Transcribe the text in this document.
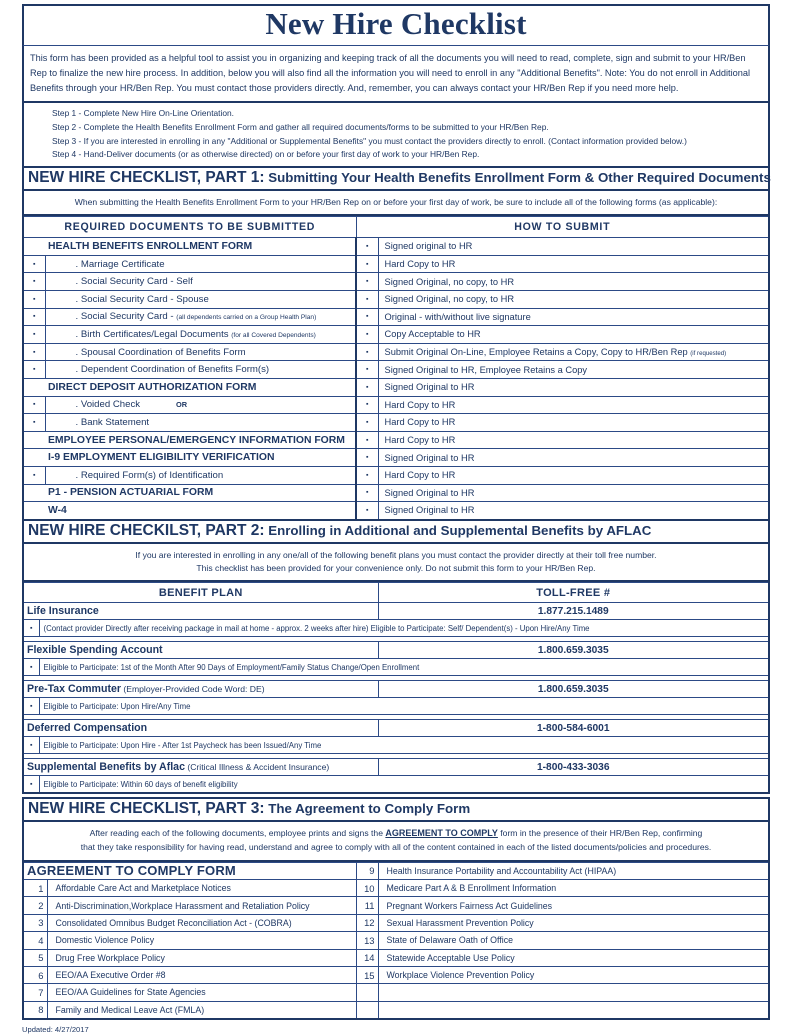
New Hire Checklist

This form has been provided as a helpful tool to assist you in organizing and keeping track of all the documents you will need to read, complete, sign and submit to your HR/Ben Rep to finalize the new hire process. In addition, below you will also find all the information you will need to enroll in any "Additional Benefits". Note: You do not enroll in Additional Benefits through your HR/Ben Rep. You must contact those providers directly. And, remember, you can always contact your HR/Ben Rep if you need more help.

Step 1 - Complete New Hire On-Line Orientation.
Step 2 - Complete the Health Benefits Enrollment Form and gather all required documents/forms to be submitted to your HR/Ben Rep.
Step 3 - If you are interested in enrolling in any "Additional or Supplemental Benefits" you must contact the providers directly to enroll. (Contact information provided below.)
Step 4 - Hand-Deliver documents (or as otherwise directed) on or before your first day of work to your HR/Ben Rep.
NEW HIRE CHECKLIST, PART 1: Submitting Your Health Benefits Enrollment Form & Other Required Documents
When submitting the Health Benefits Enrollment Form to your HR/Ben Rep on or before your first day of work, be sure to include all of the following forms (as applicable):
REQUIRED DOCUMENTS TO BE SUBMITTED		HOW TO SUBMIT	
	HEALTH BENEFITS ENROLLMENT FORM	▪	Signed original to HR
▪	. Marriage Certificate	▪	Hard Copy to HR
▪	. Social Security Card - Self	▪	Signed Original, no copy, to HR
▪	. Social Security Card - Spouse	▪	Signed Original, no copy, to HR
▪	. Social Security Card - (all dependents carried on a Group Health Plan)	▪	Original - with/without live signature
▪	. Birth Certificates/Legal Documents (for all Covered Dependents)	▪	Copy Acceptable to HR
▪	. Spousal Coordination of Benefits Form	▪	Submit Original On-Line, Employee Retains a Copy, Copy to HR/Ben Rep (if requested)
▪	. Dependent Coordination of Benefits Form(s)	▪	Signed Original to HR, Employee Retains a Copy
	DIRECT DEPOSIT AUTHORIZATION FORM	▪	Signed Original to HR
▪	. Voided Check OR	▪	Hard Copy to HR
▪	. Bank Statement	▪	Hard Copy to HR
	EMPLOYEE PERSONAL/EMERGENCY INFORMATION FORM	▪	Hard Copy to HR
	I-9 EMPLOYMENT ELIGIBILITY VERIFICATION	▪	Signed Original to HR
▪	. Required Form(s) of Identification	▪	Hard Copy to HR
	P1 - PENSION ACTUARIAL FORM	▪	Signed Original to HR
	W-4	▪	Signed Original to HR
NEW HIRE CHECKILST, PART 2: Enrolling in Additional and Supplemental Benefits by AFLAC
If you are interested in enrolling in any one/all of the following benefit plans you must contact the provider directly at their toll free number.
This checklist has been provided for your convenience only. Do not submit this form to your HR/Ben Rep.
BENEFIT PLAN		TOLL-FREE #
Life Insurance		1.877.215.1489
▪	(Contact provider Directly after receiving package in mail at home - approx. 2 weeks after hire) Eligible to Participate: Self/ Dependent(s) - Upon Hire/Any Time	

Flexible Spending Account		1.800.659.3035
▪	Eligible to Participate: 1st of the Month After 90 Days of Employment/Family Status Change/Open Enrollment	

Pre-Tax Commuter (Employer-Provided Code Word: DE)		1.800.659.3035
▪	Eligible to Participate: Upon Hire/Any Time	

Deferred Compensation		1-800-584-6001
▪	Eligible to Participate: Upon Hire - After 1st Paycheck has been Issued/Any Time	

Supplemental Benefits by Aflac (Critical Illness & Accident Insurance)		1-800-433-3036
▪	Eligible to Participate: Within 60 days of benefit eligibility	
NEW HIRE CHECKLIST, PART 3: The Agreement to Comply Form
After reading each of the following documents, employee prints and signs the AGREEMENT TO COMPLY form in the presence of their HR/Ben Rep, confirming
that they take responsibility for having read, understand and agree to comply with all of the content contained in each of the listed documents/policies and procedures.
AGREEMENT TO COMPLY FORM		9	Health Insurance Portability and Accountability Act (HIPAA)
1	Affordable Care Act and Marketplace Notices	10	Medicare Part A & B Enrollment Information
2	Anti-Discrimination,Workplace Harassment and Retaliation Policy	11	Pregnant Workers Fairness Act Guidelines
3	Consolidated Omnibus Budget Reconciliation Act - (COBRA)	12	Sexual Harassment Prevention Policy
4	Domestic Violence Policy	13	State of Delaware Oath of Office
5	Drug Free Workplace Policy	14	Statewide Acceptable Use Policy
6	EEO/AA Executive Order #8	15	Workplace Violence Prevention Policy
7	EEO/AA Guidelines for State Agencies		
8	Family and Medical Leave Act (FMLA)		
Updated: 4/27/2017
